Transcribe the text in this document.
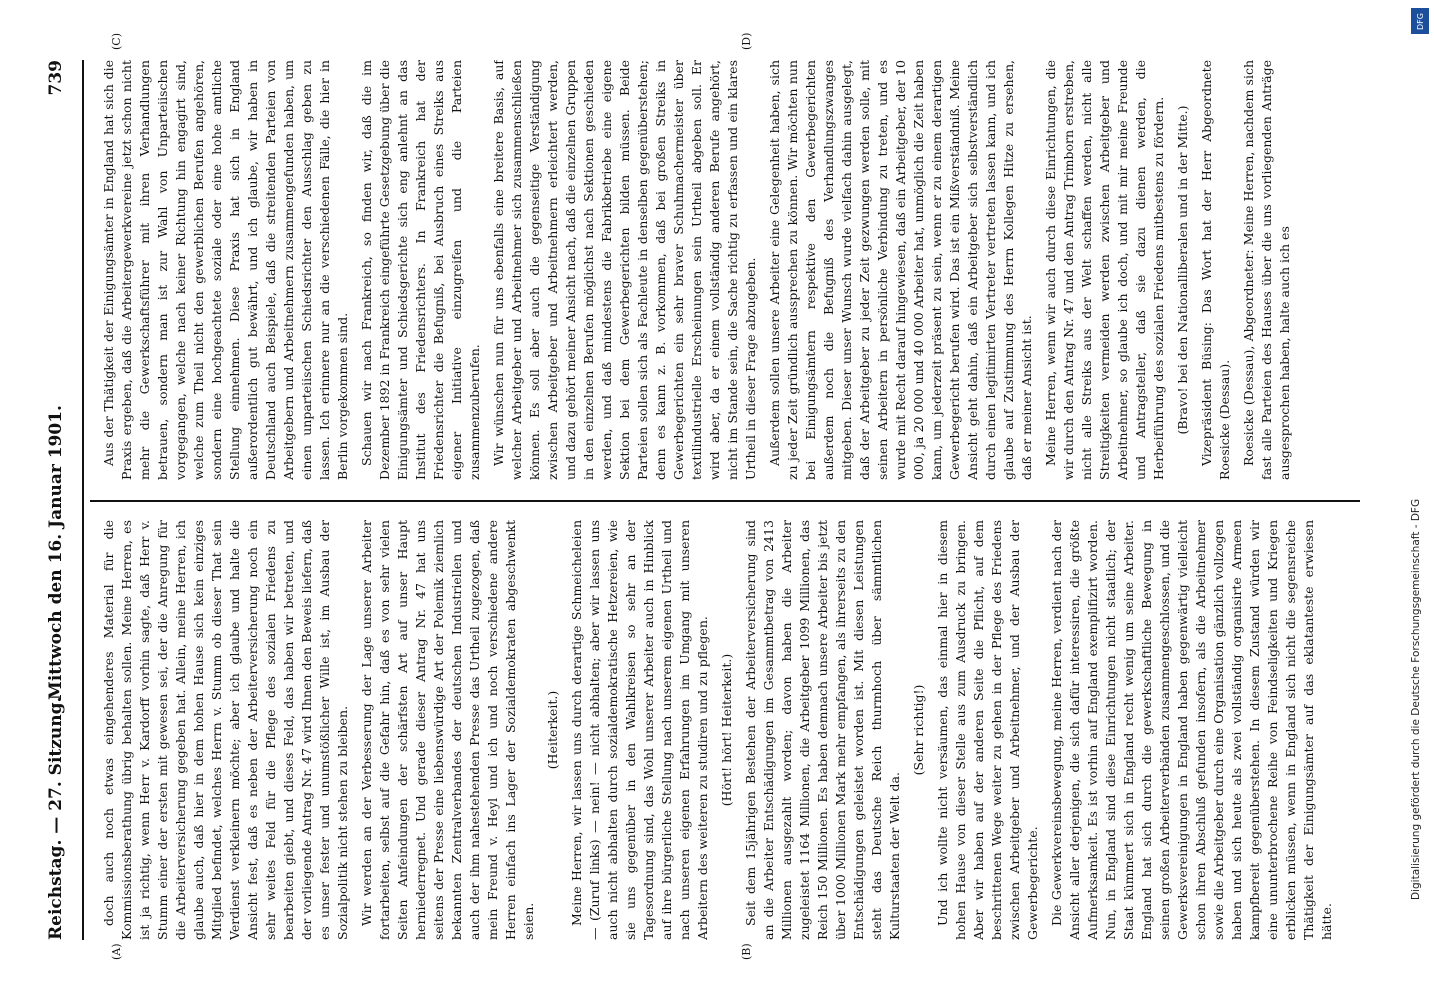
Reichstag. — 27. Sitzung.
Mittwoch den 16. Januar 1901.
739
(A)	(B)
(C)	(D)

doch auch noch etwas eingehenderes Material für die Kommissionsberathung übrig behalten sollen. Meine Herren, es ist ja richtig, wenn Herr v. Kardorff vorhin sagte, daß Herr v. Stumm einer der ersten mit gewesen sei, der die Anregung für die Arbeiterversicherung gegeben hat. Allein, meine Herren, ich glaube auch, daß hier in dem hohen Hause sich kein einziges Mitglied befindet, welches Herrn v. Stumm ob dieser That sein Verdienst verkleinern möchte; aber ich glaube und halte die Ansicht fest, daß es neben der Arbeiterversicherung noch ein sehr weites Feld für die Pflege des sozialen Friedens zu bearbeiten giebt, und dieses Feld, das haben wir betreten, und der vorliegende Antrag Nr. 47 wird Ihnen den Beweis liefern, daß es unser fester und unumstößlicher Wille ist, im Ausbau der Sozialpolitik nicht stehen zu bleiben. Wir werden an der Verbesserung der Lage unserer Arbeiter fortarbeiten, selbst auf die Gefahr hin, daß es von sehr vielen Seiten Anfeindungen der schärfsten Art auf unser Haupt herniederregnet. Und gerade dieser Antrag Nr. 47 hat uns seitens der Presse eine liebenswürdige Art der Polemik ziemlich bekannten Zentralverbandes der deutschen Industriellen und auch der ihm nahestehenden Presse das Urtheil zugezogen, daß mein Freund v. Heyl und ich und noch verschiedene andere Herren einfach ins Lager der Sozialdemokraten abgeschwenkt seien.

(Heiterkeit.) Meine Herren, wir lassen uns durch derartige Schmeicheleien — (Zuruf links) — nein! — nicht abhalten; aber wir lassen uns auch nicht abhalten durch sozialdemokratische Hetzereien, wie sie uns gegenüber in den Wahlkreisen so sehr an der Tagesordnung sind, das Wohl unserer Arbeiter auch in Hinblick auf ihre bürgerliche Stellung nach unserem eigenen Urtheil und nach unseren eigenen Erfahrungen im Umgang mit unseren Arbeitern des weiteren zu studiren und zu pflegen. (Hört! hört! Heiterkeit.) Seit dem 15jährigen Bestehen der Arbeiterversicherung sind an die Arbeiter Entschädigungen im Gesammtbetrag von 2413 Millionen ausgezahlt worden; davon haben die Arbeiter zugeleistet 1164 Millionen, die Arbeitgeber 1099 Millionen, das Reich 150 Millionen. Es haben demnach unsere Arbeiter bis jetzt über 1000 Millionen Mark mehr empfangen, als ihrerseits zu den Entschädigungen geleistet worden ist. Mit diesen Leistungen steht das Deutsche Reich thurmhoch über sämmtlichen Kulturstaaten der Welt da.

(Sehr richtig!) Und ich wollte nicht versäumen, das einmal hier in diesem hohen Hause von dieser Stelle aus zum Ausdruck zu bringen. Aber wir haben auf der anderen Seite die Pflicht, auf dem beschrittenen Wege weiter zu gehen in der Pflege des Friedens zwischen Arbeitgeber und Arbeitnehmer, und der Ausbau der Gewerbegerichte. Die Gewerkvereinsbewegung, meine Herren, verdient nach der Ansicht aller derjenigen, die sich dafür interessiren, die größte Aufmerksamkeit. Es ist vorhin auf England exemplifizirt worden. Nun, in England sind diese Einrichtungen nicht staatlich; der Staat kümmert sich in England recht wenig um seine Arbeiter. England hat sich durch die gewerkschaftliche Bewegung in seinen großen Arbeiterverbänden zusammengeschlossen, und die Gewerksvereinigungen in England haben gegenwärtig vielleicht schon ihren Abschluß gefunden insofern, als die Arbeitnehmer sowie die Arbeitgeber durch eine Organisation gänzlich vollzogen haben und sich heute als zwei vollständig organisirte Armeen kampfbereit gegenüberstehen. In diesem Zustand würden wir eine ununterbrochene Reihe von Feindseligkeiten und Kriegen erblicken müssen, wenn in England sich nicht die segensreiche Thätigkeit der Einigungsämter auf das eklatanteste erwiesen hätte.

Aus der Thätigkeit der Einigungsämter in England hat sich die Praxis ergeben, daß die Arbeitergewerkvereine jetzt schon nicht mehr die Gewerkschaftsführer mit ihren Verhandlungen betrauen, sondern man ist zur Wahl von Unparteiischen vorgegangen, welche nach keiner Richtung hin engagirt sind, welche zum Theil nicht den gewerblichen Berufen angehören, sondern eine hochgeachtete soziale oder eine hohe amtliche Stellung einnehmen. Diese Praxis hat sich in England außerordentlich gut bewährt, und ich glaube, wir haben in Deutschland auch Beispiele, daß die streitenden Parteien von Arbeitgebern und Arbeitnehmern zusammengefunden haben, um einen unparteiischen Schiedsrichter den Ausschlag geben zu lassen. Ich erinnere nur an die verschiedenen Fälle, die hier in Berlin vorgekommen sind. Schauen wir nach Frankreich, so finden wir, daß die im Dezember 1892 in Frankreich eingeführte Gesetzgebung über die Einigungsämter und Schiedsgerichte sich eng anlehnt an das Institut des Friedensrichters. In Frankreich hat der Friedensrichter die Befugniß, bei Ausbruch eines Streiks aus eigener Initiative einzugreifen und die Parteien zusammenzuberufen. Wir wünschen nun für uns ebenfalls eine breitere Basis, auf welcher Arbeitgeber und Arbeitnehmer sich zusammenschließen können. Es soll aber auch die gegenseitige Verständigung zwischen Arbeitgeber und Arbeitnehmern erleichtert werden, und dazu gehört meiner Ansicht nach, daß die einzelnen Gruppen in den einzelnen Berufen möglichst nach Sektionen geschieden werden, und daß mindestens die Fabrikbetriebe eine eigene Sektion bei dem Gewerbegerichten bilden müssen. Beide Parteien sollen sich als Fachleute in denselben gegenüberstehen; denn es kann z. B. vorkommen, daß bei großen Streiks in Gewerbegerichten ein sehr braver Schuhmachermeister über textilindustrielle Erscheinungen sein Urtheil abgeben soll. Er wird aber, da er einem vollständig anderen Berufe angehört, nicht im Stande sein, die Sache richtig zu erfassen und ein klares Urtheil in dieser Frage abzugeben. Außerdem sollen unsere Arbeiter eine Gelegenheit haben, sich zu jeder Zeit gründlich aussprechen zu können. Wir möchten nun bei Einigungsämtern respektive den Gewerbegerichten außerdem noch die Befugniß des Verhandlungszwanges mitgeben. Dieser unser Wunsch wurde vielfach dahin ausgelegt, daß der Arbeitgeber zu jeder Zeit gezwungen werden solle, mit seinen Arbeitern in persönliche Verbindung zu treten, und es wurde mit Recht darauf hingewiesen, daß ein Arbeitgeber, der 10 000, ja 20 000 und 40 000 Arbeiter hat, unmöglich die Zeit haben kann, um jederzeit präsent zu sein, wenn er zu einem derartigen Gewerbegericht berufen wird. Das ist ein Mißverständniß. Meine Ansicht geht dahin, daß ein Arbeitgeber sich selbstverständlich durch einen legitimirten Vertreter vertreten lassen kann, und ich glaube auf Zustimmung des Herrn Kollegen Hitze zu ersehen, daß er meiner Ansicht ist. Meine Herren, wenn wir auch durch diese Einrichtungen, die wir durch den Antrag Nr. 47 und den Antrag Trimborn erstreben, nicht alle Streiks aus der Welt schaffen werden, nicht alle Streitigkeiten vermeiden werden zwischen Arbeitgeber und Arbeitnehmer, so glaube ich doch, und mit mir meine Freunde und Antragsteller, daß sie dazu dienen werden, die Herbeiführung des sozialen Friedens mitbestens zu fördern. (Bravo! bei den Nationalliberalen und in der Mitte.) Vizepräsident Büsing: Das Wort hat der Herr Abgeordnete Roesicke (Dessau). Roesicke (Dessau), Abgeordneter: Meine Herren, nachdem sich fast alle Parteien des Hauses über die uns vorliegenden Anträge ausgesprochen haben, halte auch ich es

DFG
Digitalisierung gefördert durch die Deutsche Forschungsgemeinschaft - DFG
